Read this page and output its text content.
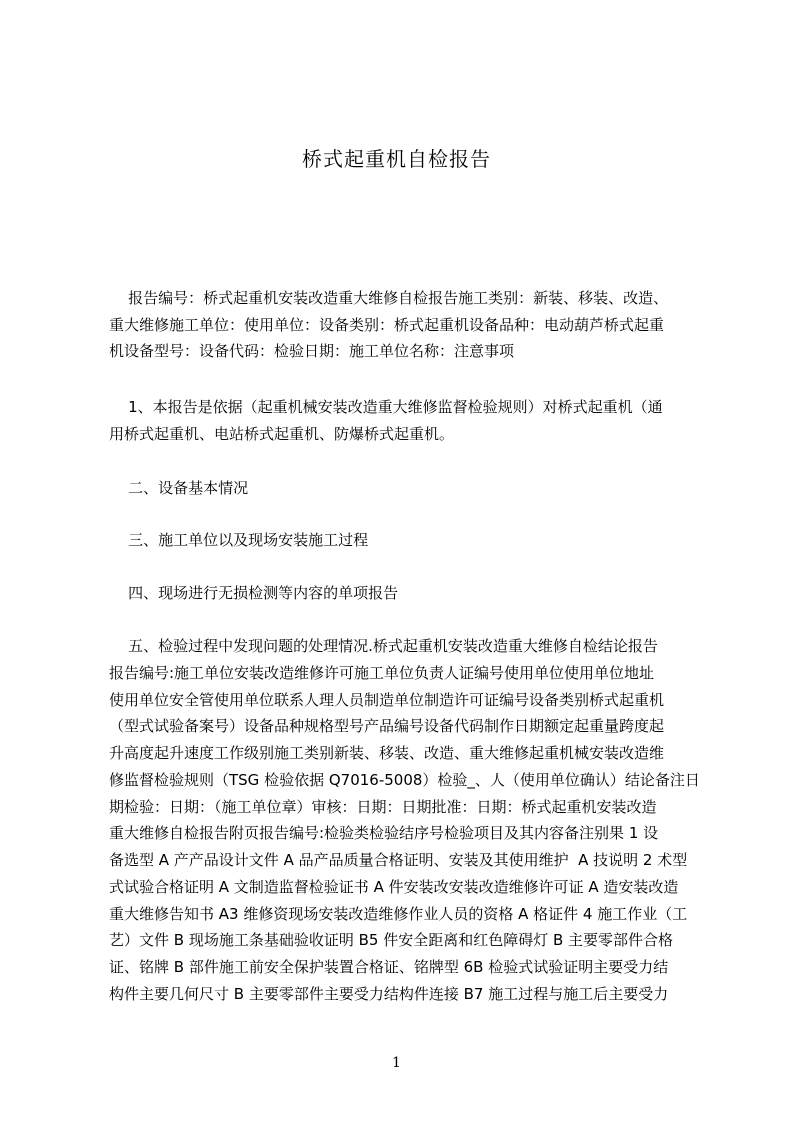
桥式起重机自检报告
报告编号：桥式起重机安装改造重大维修自检报告施工类别：新装、移装、改造、
重大维修施工单位：使用单位：设备类别：桥式起重机设备品种：电动葫芦桥式起重
机设备型号：设备代码：检验日期：施工单位名称：注意事项
1、本报告是依据（起重机械安装改造重大维修监督检验规则）对桥式起重机（通
用桥式起重机、电站桥式起重机、防爆桥式起重机。
二、设备基本情况
三、施工单位以及现场安装施工过程
四、现场进行无损检测等内容的单项报告
五、检验过程中发现问题的处理情况.桥式起重机安装改造重大维修自检结论报告
报告编号:施工单位安装改造维修许可施工单位负责人证编号使用单位使用单位地址
使用单位安全管使用单位联系人理人员制造单位制造许可证编号设备类别桥式起重机
（型式试验备案号）设备品种规格型号产品编号设备代码制作日期额定起重量跨度起
升高度起升速度工作级别施工类别新装、移装、改造、重大维修起重机械安装改造维
修监督检验规则（TSG 检验依据 Q7016-5008）检验_、人（使用单位确认）结论备注日
期检验：日期：（施工单位章）审核：日期：日期批准：日期：桥式起重机安装改造
重大维修自检报告附页报告编号:检验类检验结序号检验项目及其内容备注别果 1 设
备选型 A 产产品设计文件 A 品产品质量合格证明、安装及其使用维护  A 技说明 2 术型
式试验合格证明 A 文制造监督检验证书 A 件安装改安装改造维修许可证 A 造安装改造
重大维修告知书 A3 维修资现场安装改造维修作业人员的资格 A 格证件 4 施工作业（工
艺）文件 B 现场施工条基础验收证明 B5 件安全距离和红色障碍灯 B 主要零部件合格
证、铭牌 B 部件施工前安全保护装置合格证、铭牌型 6B 检验式试验证明主要受力结
构件主要几何尺寸 B 主要零部件主要受力结构件连接 B7 施工过程与施工后主要受力
1
